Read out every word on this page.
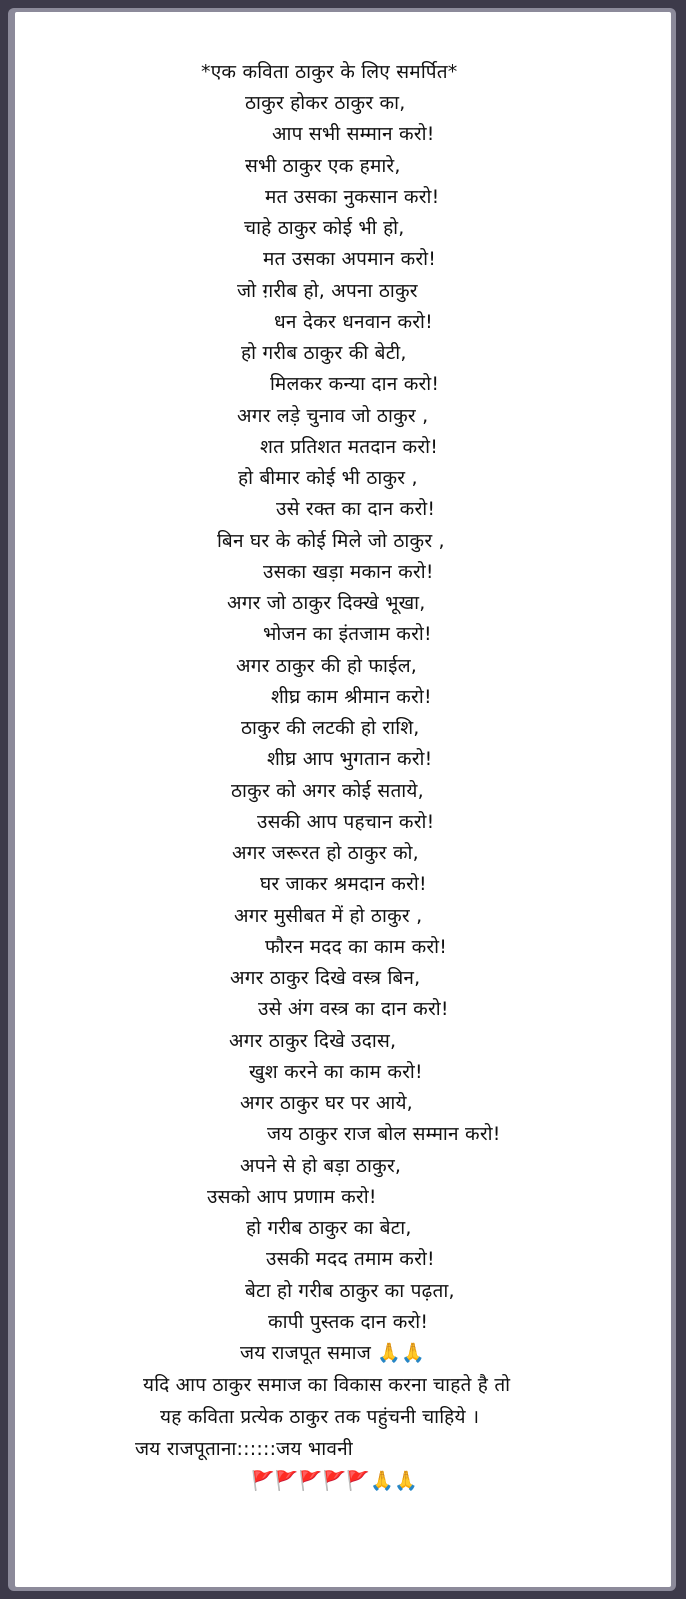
*एक कविता ठाकुर के लिए समर्पित*
ठाकुर होकर ठाकुर का,
आप सभी सम्मान करो!
सभी ठाकुर एक हमारे,
मत उसका नुकसान करो!
चाहे ठाकुर कोई भी हो,
मत उसका अपमान करो!
जो ग़रीब हो, अपना ठाकुर
धन देकर धनवान करो!
हो गरीब ठाकुर की बेटी,
मिलकर कन्या दान करो!
अगर लड़े चुनाव जो ठाकुर ,
शत प्रतिशत मतदान करो!
हो बीमार कोई भी ठाकुर ,
उसे रक्त का दान करो!
बिन घर के कोई मिले जो ठाकुर ,
उसका खड़ा मकान करो!
अगर जो ठाकुर दिक्खे भूखा,
भोजन का इंतजाम करो!
अगर ठाकुर की हो फाईल,
शीघ्र काम श्रीमान करो!
ठाकुर की लटकी हो राशि,
शीघ्र आप भुगतान करो!
ठाकुर को अगर कोई सताये,
उसकी आप पहचान करो!
अगर जरूरत हो ठाकुर को,
घर जाकर श्रमदान करो!
अगर मुसीबत में हो ठाकुर ,
फौरन मदद का काम करो!
अगर ठाकुर दिखे वस्त्र बिन,
उसे अंग वस्त्र का दान करो!
अगर ठाकुर दिखे उदास,
खुश करने का काम करो!
अगर ठाकुर घर पर आये,
जय ठाकुर राज बोल सम्मान करो!
अपने से हो बड़ा ठाकुर,
उसको आप प्रणाम करो!
हो गरीब ठाकुर का बेटा,
उसकी मदद तमाम करो!
बेटा हो गरीब ठाकुर का पढ़ता,
कापी पुस्तक दान करो!
जय राजपूत समाज 🙏🙏
यदि आप ठाकुर समाज का विकास करना चाहते है तो
यह कविता प्रत्येक ठाकुर तक पहुंचनी चाहिये ।
जय राजपूताना::::::जय भावनी
🚩🚩🚩🚩🚩🙏🙏
